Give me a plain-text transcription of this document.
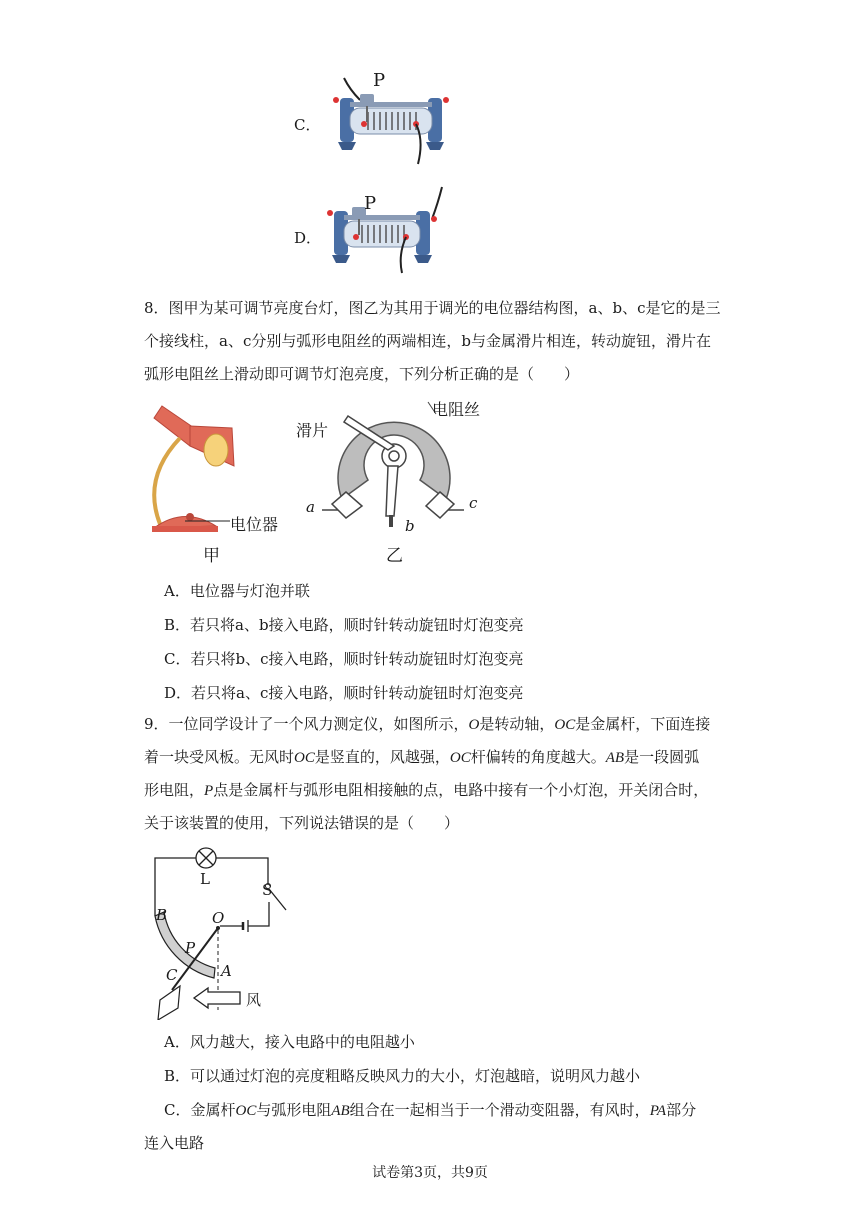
C．
P
D．
P
8．图甲为某可调节亮度台灯，图乙为其用于调光的电位器结构图，a、b、c是它的是三
个接线柱，a、c分别与弧形电阻丝的两端相连，b与金属滑片相连，转动旋钮，滑片在
弧形电阻丝上滑动即可调节灯泡亮度，下列分析正确的是（　　）
电位器
甲
电阻丝
滑片
a
b
c
乙
A．电位器与灯泡并联
B．若只将a、b接入电路，顺时针转动旋钮时灯泡变亮
C．若只将b、c接入电路，顺时针转动旋钮时灯泡变亮
D．若只将a、c接入电路，顺时针转动旋钮时灯泡变亮
9．一位同学设计了一个风力测定仪，如图所示，O是转动轴，OC是金属杆，下面连接
着一块受风板。无风时OC是竖直的，风越强，OC杆偏转的角度越大。AB是一段圆弧
形电阻，P点是金属杆与弧形电阻相接触的点，电路中接有一个小灯泡，开关闭合时，
关于该装置的使用，下列说法错误的是（　　）
L
S
B	O
P
C	A
风
A．风力越大，接入电路中的电阻越小
B．可以通过灯泡的亮度粗略反映风力的大小，灯泡越暗，说明风力越小
C．金属杆OC与弧形电阻AB组合在一起相当于一个滑动变阻器，有风时，PA部分
连入电路
试卷第3页，共9页
